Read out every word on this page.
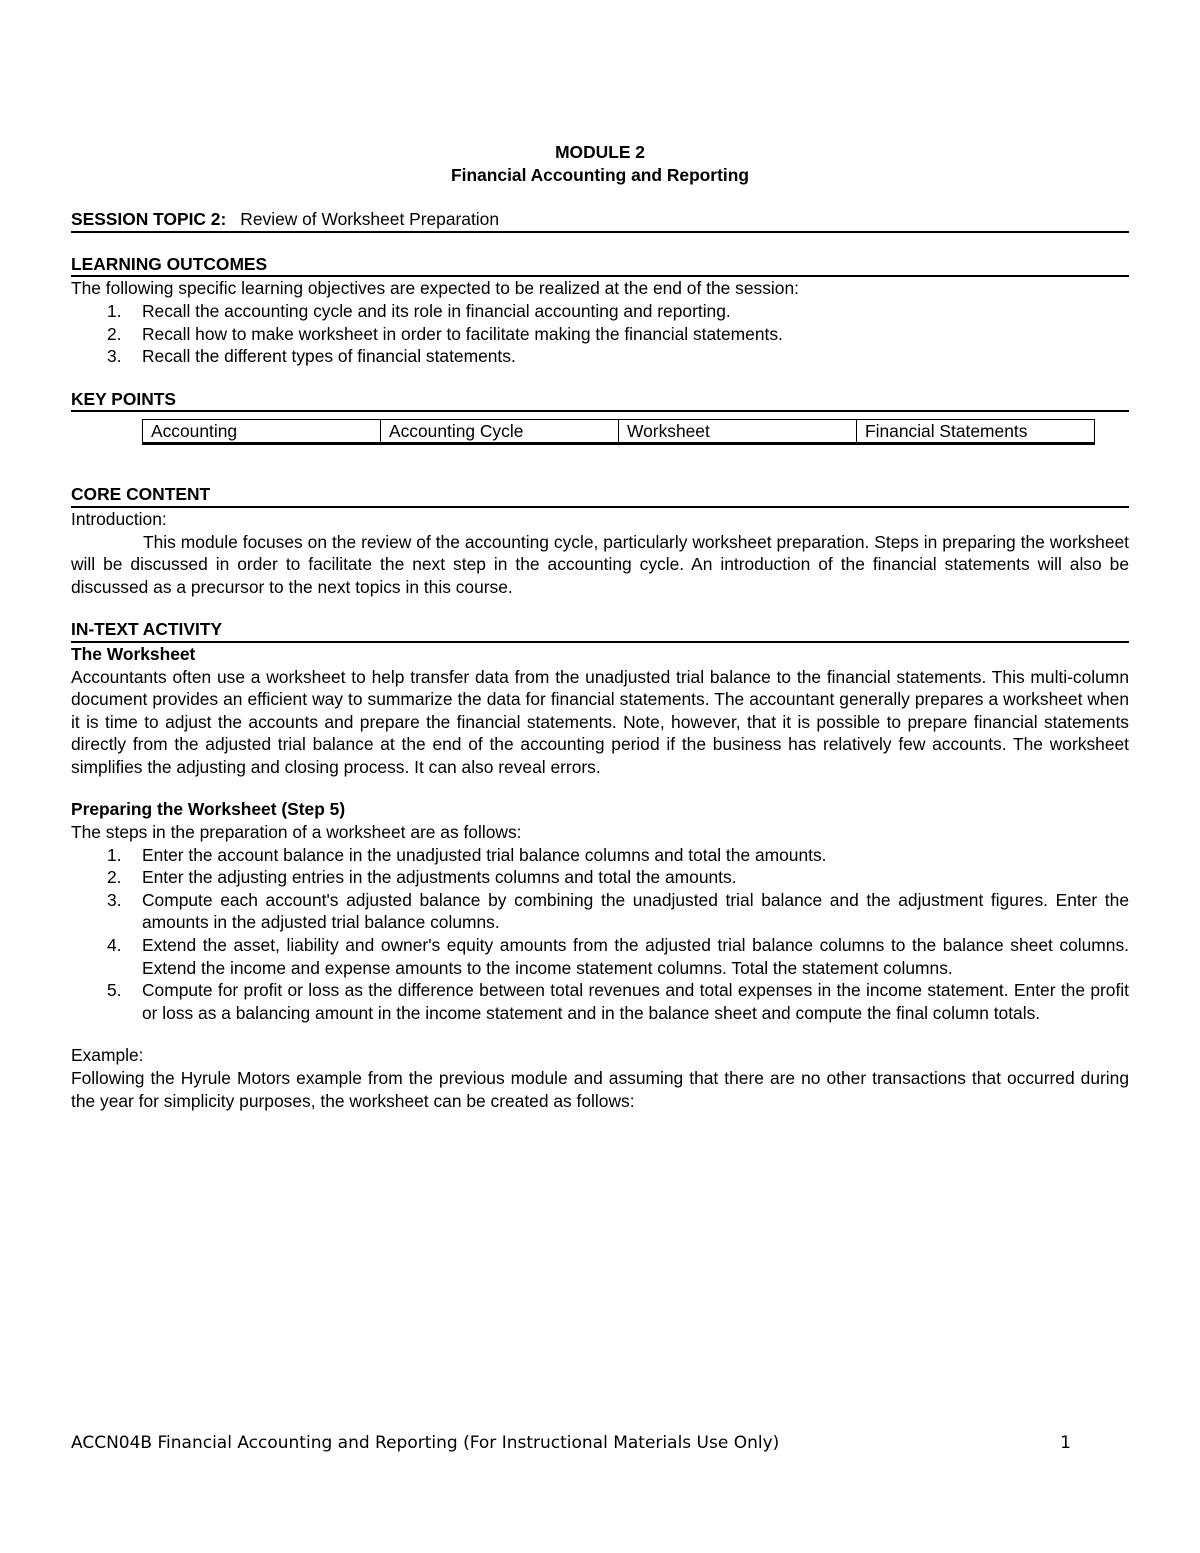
MODULE 2

Financial Accounting and Reporting

SESSION TOPIC 2: Review of Worksheet Preparation
LEARNING OUTCOMES

The following specific learning objectives are expected to be realized at the end of the session:

1. Recall the accounting cycle and its role in financial accounting and reporting.
2. Recall how to make worksheet in order to facilitate making the financial statements.
3. Recall the different types of financial statements.
KEY POINTS
Accounting	Accounting Cycle	Worksheet	Financial Statements
CORE CONTENT

Introduction:

This module focuses on the review of the accounting cycle, particularly worksheet preparation. Steps in preparing the worksheet will be discussed in order to facilitate the next step in the accounting cycle. An introduction of the financial statements will also be discussed as a precursor to the next topics in this course.

IN-TEXT ACTIVITY

The Worksheet

Accountants often use a worksheet to help transfer data from the unadjusted trial balance to the financial statements. This multi-column document provides an efficient way to summarize the data for financial statements. The accountant generally prepares a worksheet when it is time to adjust the accounts and prepare the financial statements. Note, however, that it is possible to prepare financial statements directly from the adjusted trial balance at the end of the accounting period if the business has relatively few accounts. The worksheet simplifies the adjusting and closing process. It can also reveal errors.

Preparing the Worksheet (Step 5)

The steps in the preparation of a worksheet are as follows:

1. Enter the account balance in the unadjusted trial balance columns and total the amounts.
2. Enter the adjusting entries in the adjustments columns and total the amounts.
3. Compute each account's adjusted balance by combining the unadjusted trial balance and the adjustment figures. Enter the amounts in the adjusted trial balance columns.
4. Extend the asset, liability and owner's equity amounts from the adjusted trial balance columns to the balance sheet columns. Extend the income and expense amounts to the income statement columns. Total the statement columns.
5. Compute for profit or loss as the difference between total revenues and total expenses in the income statement. Enter the profit or loss as a balancing amount in the income statement and in the balance sheet and compute the final column totals.

Example:

Following the Hyrule Motors example from the previous module and assuming that there are no other transactions that occurred during the year for simplicity purposes, the worksheet can be created as follows:

ACCN04B Financial Accounting and Reporting (For Instructional Materials Use Only)	1
